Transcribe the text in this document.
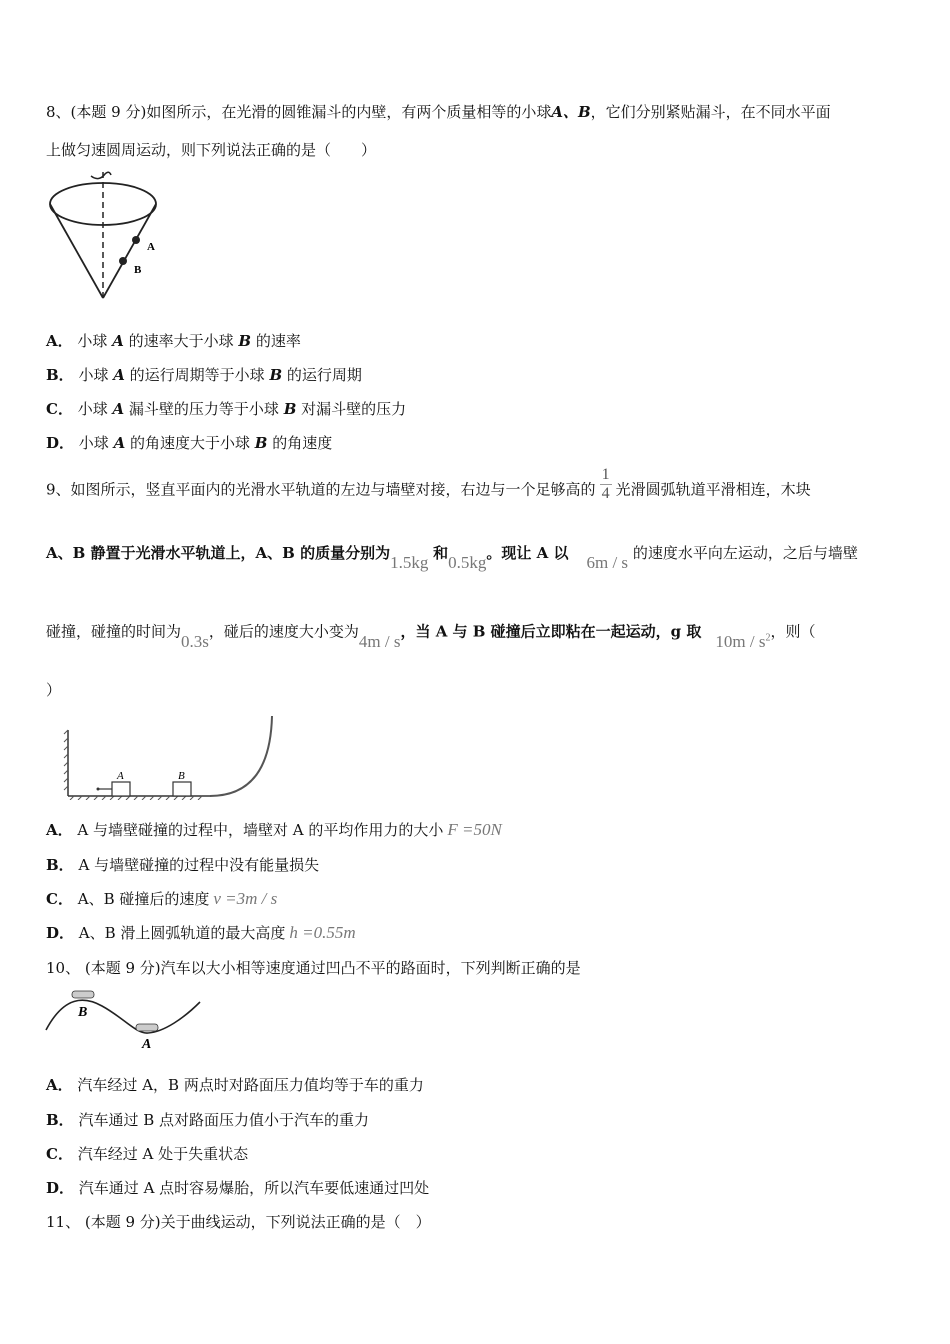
8、(本题 9 分)如图所示，在光滑的圆锥漏斗的内壁，有两个质量相等的小球A、B，它们分别紧贴漏斗，在不同水平面
上做匀速圆周运动，则下列说法正确的是（　　）
A
B
A． 小球 A 的速率大于小球 B 的速率
B． 小球 A 的运行周期等于小球 B 的运行周期
C． 小球 A 漏斗壁的压力等于小球 B 对漏斗壁的压力
D． 小球 A 的角速度大于小球 B 的角速度
9、如图所示，竖直平面内的光滑水平轨道的左边与墙壁对接，右边与一个足够高的 $\frac{1}{4}$ 光滑圆弧轨道平滑相连，木块
A、B 静置于光滑水平轨道上，A、B 的质量分别为1.5kg 和0.5kg。现让 A 以 6m / s 的速度水平向左运动，之后与墙壁
碰撞，碰撞的时间为0.3s，碰后的速度大小变为4m / s，当 A 与 B 碰撞后立即粘在一起运动，g 取 $10m / s^2$，则（
）
A	B
A． A 与墙壁碰撞的过程中，墙壁对 A 的平均作用力的大小 F =50N
B． A 与墙壁碰撞的过程中没有能量损失
C． A、B 碰撞后的速度 v =3m / s
D． A、B 滑上圆弧轨道的最大高度 h =0.55m
10、 (本题 9 分)汽车以大小相等速度通过凹凸不平的路面时，下列判断正确的是
B
A
A． 汽车经过 A，B 两点时对路面压力值均等于车的重力
B． 汽车通过 B 点对路面压力值小于汽车的重力
C． 汽车经过 A 处于失重状态
D． 汽车通过 A 点时容易爆胎，所以汽车要低速通过凹处
11、 (本题 9 分)关于曲线运动，下列说法正确的是（　）
